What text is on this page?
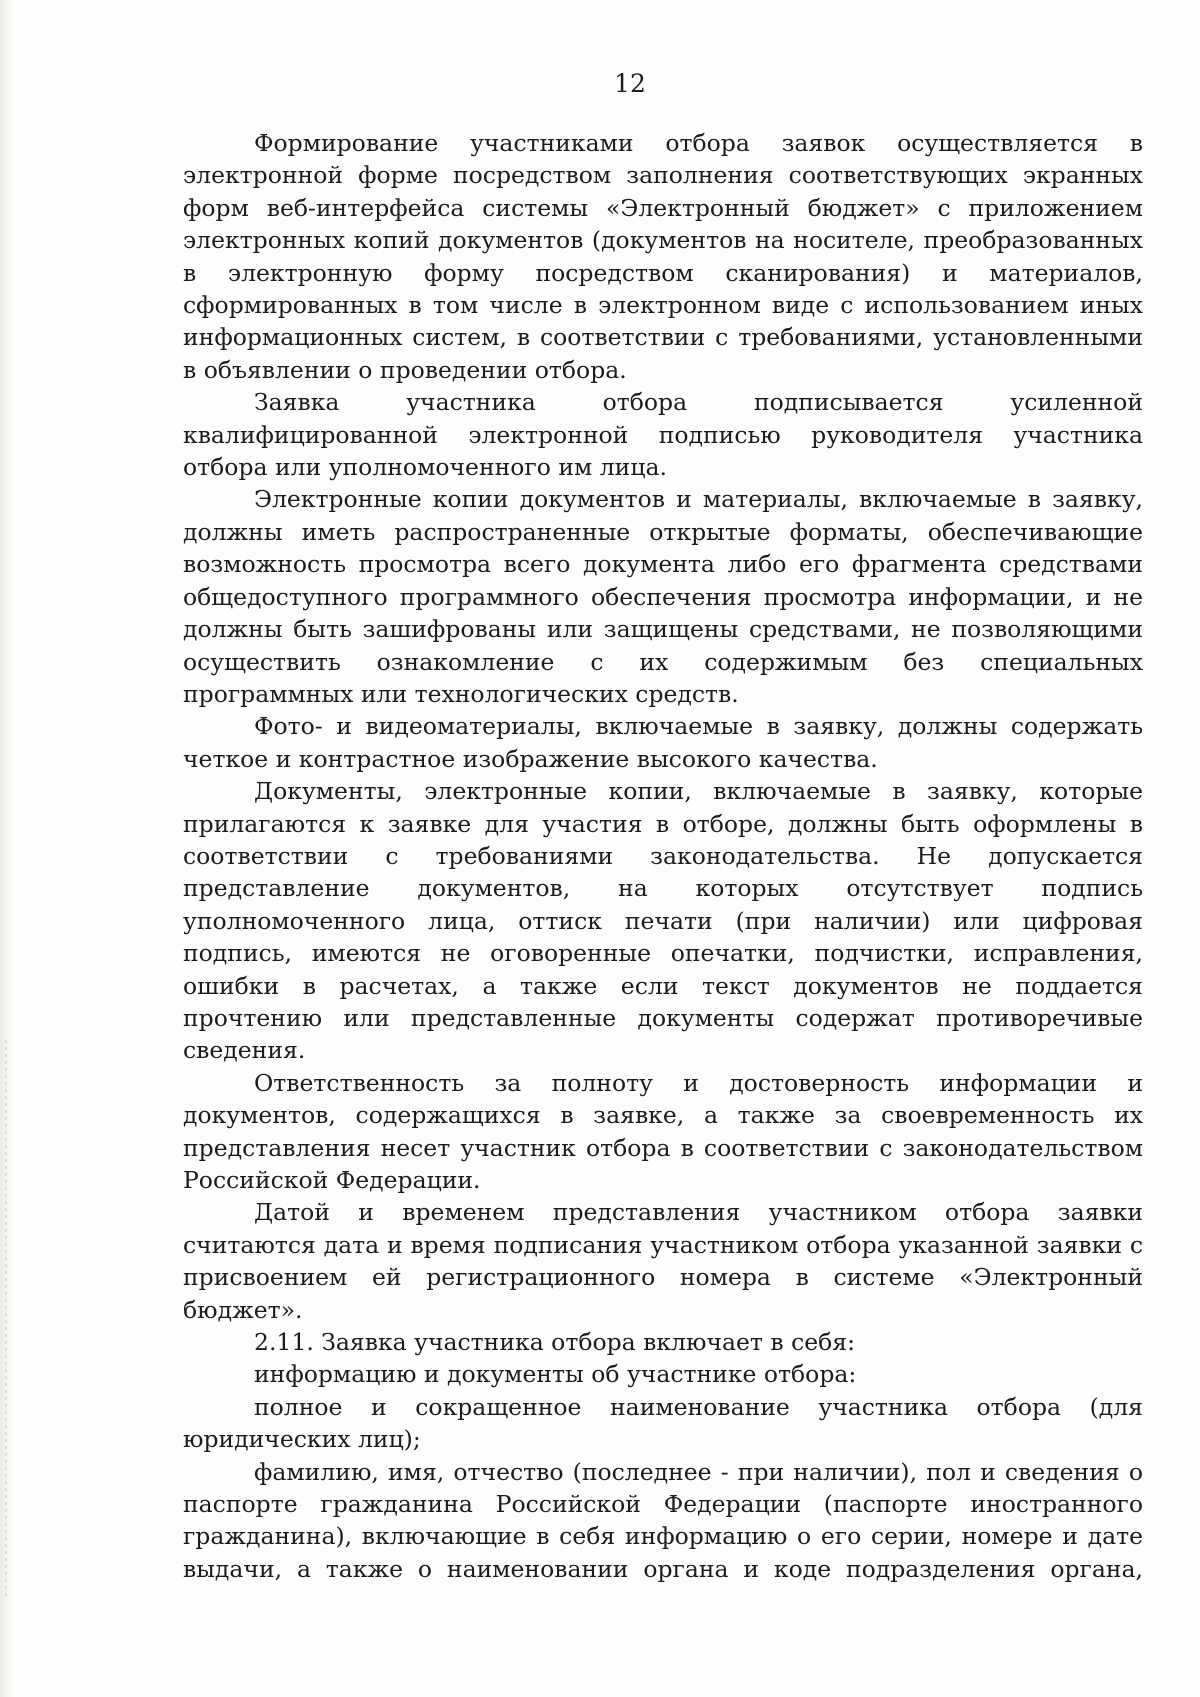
12

Формирование участниками отбора заявок осуществляется в электронной форме посредством заполнения соответствующих экранных форм веб-интерфейса системы «Электронный бюджет» с приложением электронных копий документов (документов на носителе, преобразованных в электронную форму посредством сканирования) и материалов, сформированных в том числе в электронном виде с использованием иных информационных систем, в соответствии с требованиями, установленными в объявлении о проведении отбора.

Заявка участника отбора подписывается усиленной квалифицированной электронной подписью руководителя участника отбора или уполномоченного им лица.

Электронные копии документов и материалы, включаемые в заявку, должны иметь распространенные открытые форматы, обеспечивающие возможность просмотра всего документа либо его фрагмента средствами общедоступного программного обеспечения просмотра информации, и не должны быть зашифрованы или защищены средствами, не позволяющими осуществить ознакомление с их содержимым без специальных программных или технологических средств.

Фото- и видеоматериалы, включаемые в заявку, должны содержать четкое и контрастное изображение высокого качества.

Документы, электронные копии, включаемые в заявку, которые прилагаются к заявке для участия в отборе, должны быть оформлены в соответствии с требованиями законодательства. Не допускается представление документов, на которых отсутствует подпись уполномоченного лица, оттиск печати (при наличии) или цифровая подпись, имеются не оговоренные опечатки, подчистки, исправления, ошибки в расчетах, а также если текст документов не поддается прочтению или представленные документы содержат противоречивые сведения.

Ответственность за полноту и достоверность информации и документов, содержащихся в заявке, а также за своевременность их представления несет участник отбора в соответствии с законодательством Российской Федерации.

Датой и временем представления участником отбора заявки считаются дата и время подписания участником отбора указанной заявки с присвоением ей регистрационного номера в системе «Электронный бюджет».

2.11. Заявка участника отбора включает в себя:

информацию и документы об участнике отбора:

полное и сокращенное наименование участника отбора (для юридических лиц);

фамилию, имя, отчество (последнее - при наличии), пол и сведения о паспорте гражданина Российской Федерации (паспорте иностранного гражданина), включающие в себя информацию о его серии, номере и дате выдачи, а также о наименовании органа и коде подразделения органа,
